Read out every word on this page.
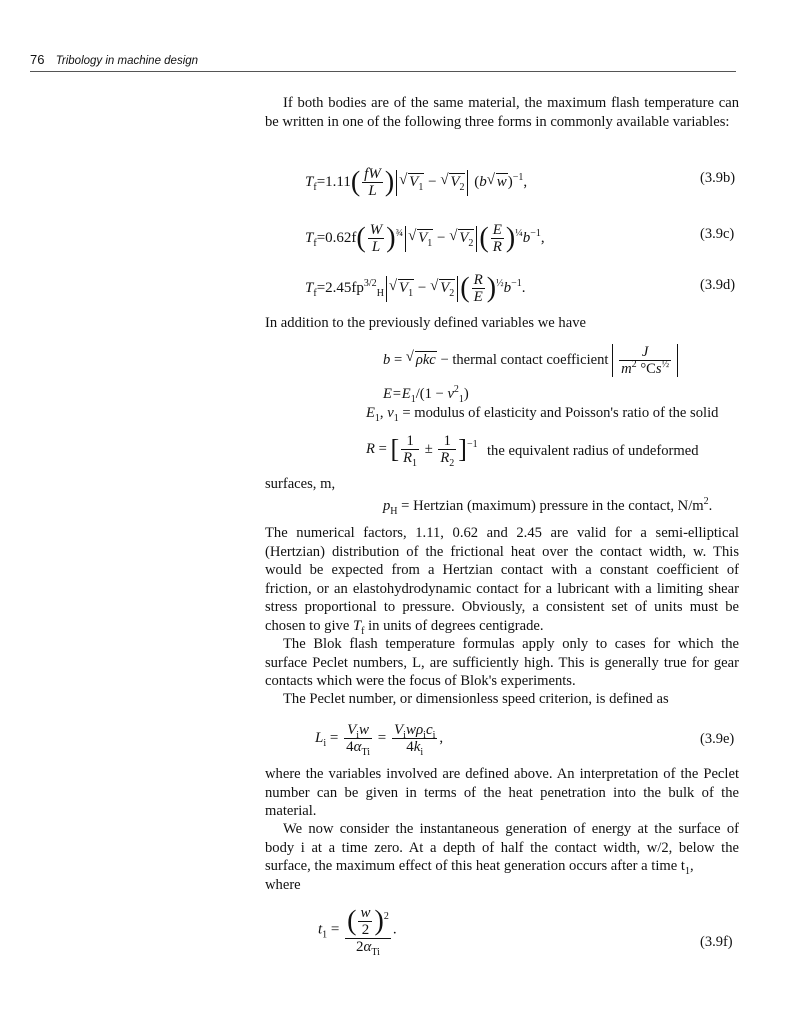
76 Tribology in machine design

If both bodies are of the same material, the maximum flash temperature can be written in one of the following three forms in commonly available variables:

$T_f=1.11( \frac{fW}{L}$ )√ $V_1$ − √ $V_2$ (b√ w)$^{-1}$,	(3.9b)
$T_f=0.62f( \frac{W}{L} )^{\frac{3}{4}}√$ $V_1$ − √ $V_2$ ( $\frac{E}{R} )^{\frac{1}{4}}b^{-1}$,	(3.9c)
$T_f=2.45fp^{3/2}_H√$ $V_1$ − √ $V_2$ ( $\frac{R}{E} )^{\frac{1}{2}}b^{-1}$.	(3.9d)

In addition to the previously defined variables we have

b = √ ρkc − thermal contact coefficient $\frac{J}{m^2 ^\circ Cs^{\frac{1}{2}}}$
$E=E_1/(1 - \nu^2_1)$
$E_1$, $\nu_1$ = modulus of elasticity and Poisson's ratio of the solid
R = [ $\frac{1}{R_1} \pm \frac{1}{R_2} ]^{-1}$ the equivalent radius of undeformed
surfaces, m,
$p_H$ = Hertzian (maximum) pressure in the contact, $N/m^2$.

The numerical factors, 1.11, 0.62 and 2.45 are valid for a semi-elliptical (Hertzian) distribution of the frictional heat over the contact width, w. This would be expected from a Hertzian contact with a constant coefficient of friction, or an elastohydrodynamic contact for a lubricant with a limiting shear stress proportional to pressure. Obviously, a consistent set of units must be chosen to give $T_f$ in units of degrees centigrade.

The Blok flash temperature formulas apply only to cases for which the surface Peclet numbers, L, are sufficiently high. This is generally true for gear contacts which were the focus of Blok's experiments.

The Peclet number, or dimensionless speed criterion, is defined as

$L_i = \frac{V_iw}{4\alpha_{Ti}} = \frac{V_iw\rho_ic_i}{4k_i}$ ,	(3.9e)

where the variables involved are defined above. An interpretation of the Peclet number can be given in terms of the heat penetration into the bulk of the material.

We now consider the instantaneous generation of energy at the surface of body i at a time zero. At a depth of half the contact width, w/2, below the surface, the maximum effect of this heat generation occurs after a time $t_1$,

where

$t_1 = \frac{( \frac{w}{2} )^2}{2\alpha_{Ti}}$ .
(3.9f)
